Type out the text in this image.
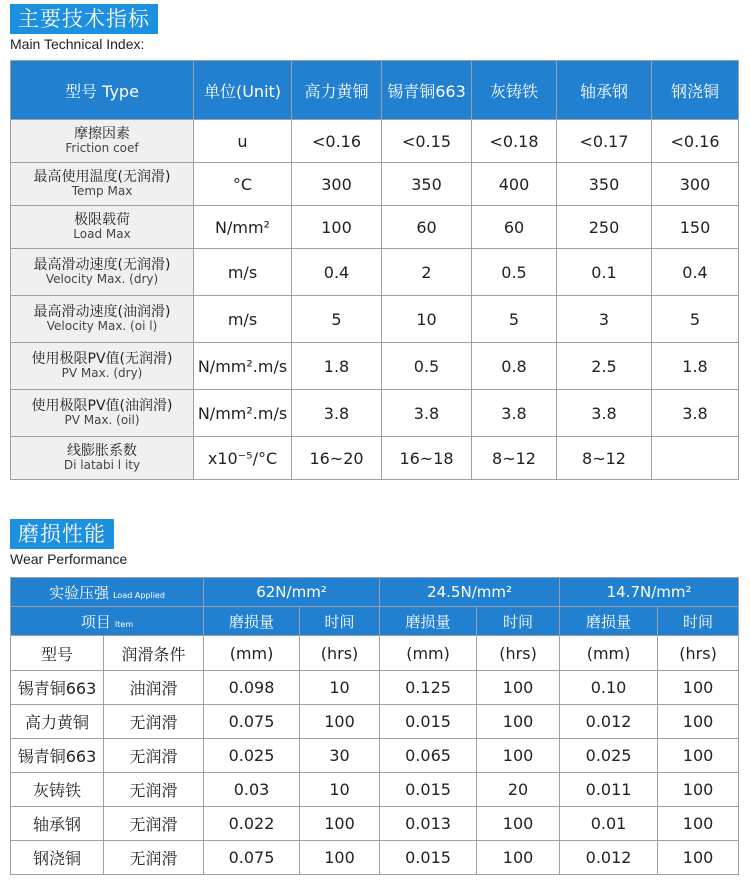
主要技术指标
Main Technical Index:
型号 Type	单位(Unit)	高力黄铜	锡青铜663	灰铸铁	轴承钢	钢浇铜

摩擦因素
Friction coef	u	<0.16	<0.15	<0.18	<0.17	<0.16

最高使用温度(无润滑)
Temp Max	°C	300	350	400	350	300

极限载荷
Load Max	N/mm²	100	60	60	250	150

最高滑动速度(无润滑)
Velocity Max. (dry)	m/s	0.4	2	0.5	0.1	0.4

最高滑动速度(油润滑)
Velocity Max. (oi l)	m/s	5	10	5	3	5

使用极限PV值(无润滑)
PV Max. (dry)	N/mm².m/s	1.8	0.5	0.8	2.5	1.8

使用极限PV值(油润滑)
PV Max. (oil)	N/mm².m/s	3.8	3.8	3.8	3.8	3.8

线膨胀系数
Di latabi l ity	x10⁻⁵/°C	16~20	16~18	8~12	8~12	
磨损性能
Wear Performance
实验压强 Load Applied		62N/mm²		24.5N/mm²		14.7N/mm²	
项目 Item		磨损量	时间	磨损量	时间	磨损量	时间
型号	润滑条件	(mm)	(hrs)	(mm)	(hrs)	(mm)	(hrs)
锡青铜663	油润滑	0.098	10	0.125	100	0.10	100
高力黄铜	无润滑	0.075	100	0.015	100	0.012	100
锡青铜663	无润滑	0.025	30	0.065	100	0.025	100
灰铸铁	无润滑	0.03	10	0.015	20	0.011	100
轴承钢	无润滑	0.022	100	0.013	100	0.01	100
钢浇铜	无润滑	0.075	100	0.015	100	0.012	100
